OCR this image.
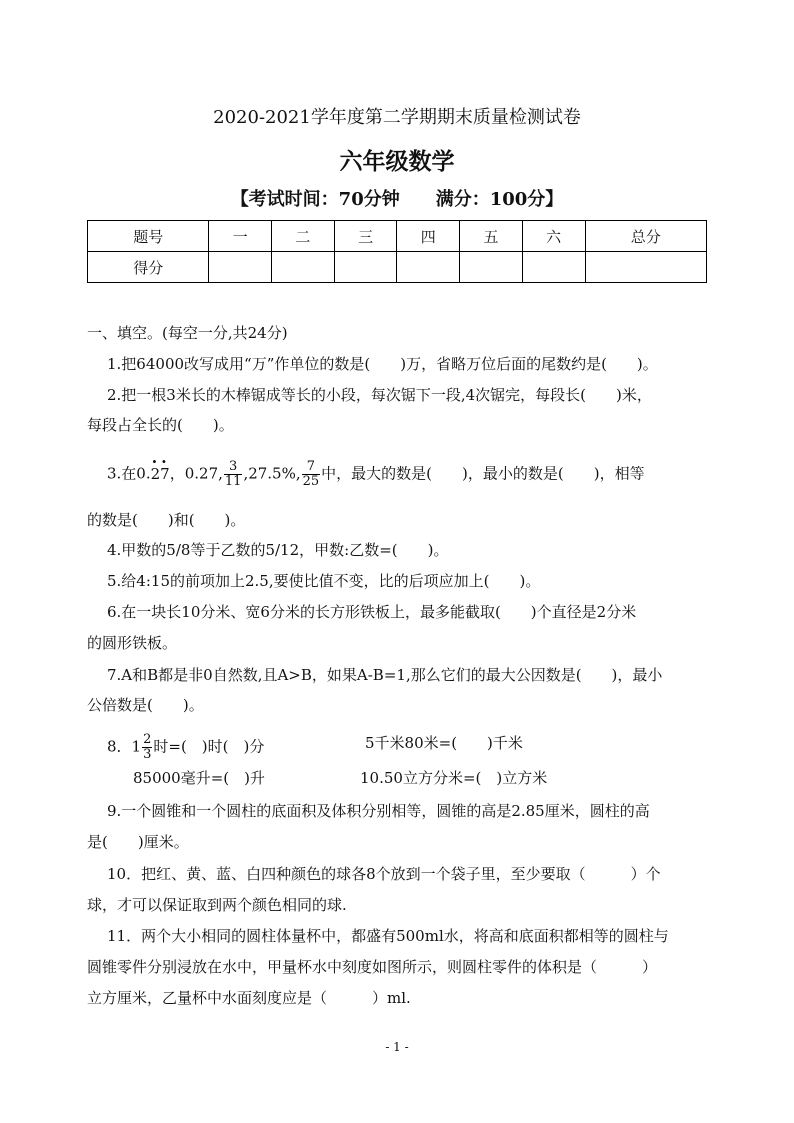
2020-2021学年度第二学期期末质量检测试卷
六年级数学
【考试时间：70分钟　　满分：100分】
题号	一	二	三	四	五	六	总分
得分							
一、填空。(每空一分,共24分)
1.把64000改写成用“万”作单位的数是(　　)万，省略万位后面的尾数约是(　　)。
2.把一根3米长的木棒锯成等长的小段，每次锯下一段,4次锯完，每段长(　　)米，
每段占全长的(　　)。
3.在0.· 2· 7，0.27, $\frac{3}{11} ,27.5\%$, $\frac{7}{25}$ 中，最大的数是(　　)，最小的数是(　　)，相等
的数是(　　)和(　　)。
4.甲数的5/8等于乙数的5/12，甲数:乙数=(　　)。
5.给4:15的前项加上2.5,要使比值不变，比的后项应加上(　　)。
6.在一块长10分米、宽6分米的长方形铁板上，最多能截取(　　)个直径是2分米
的圆形铁板。
7.A和B都是非0自然数,且A>B，如果A-B=1,那么它们的最大公因数是(　　)，最小
公倍数是(　　)。
8．$1 \frac{2}{3}$ 时=(　)时(　)分	5千米80米=(　　)千米
85000毫升=(　)升	10.50立方分米=(　)立方米
9.一个圆锥和一个圆柱的底面积及体积分别相等，圆锥的高是2.85厘米，圆柱的高
是(　　)厘米。
10．把红、黄、蓝、白四种颜色的球各8个放到一个袋子里，至少要取（　　　）个
球，才可以保证取到两个颜色相同的球.
11．两个大小相同的圆柱体量杯中，都盛有500ml水，将高和底面积都相等的圆柱与
圆锥零件分别浸放在水中，甲量杯水中刻度如图所示，则圆柱零件的体积是（　　　）
立方厘米，乙量杯中水面刻度应是（　　　）ml.
- 1 -
